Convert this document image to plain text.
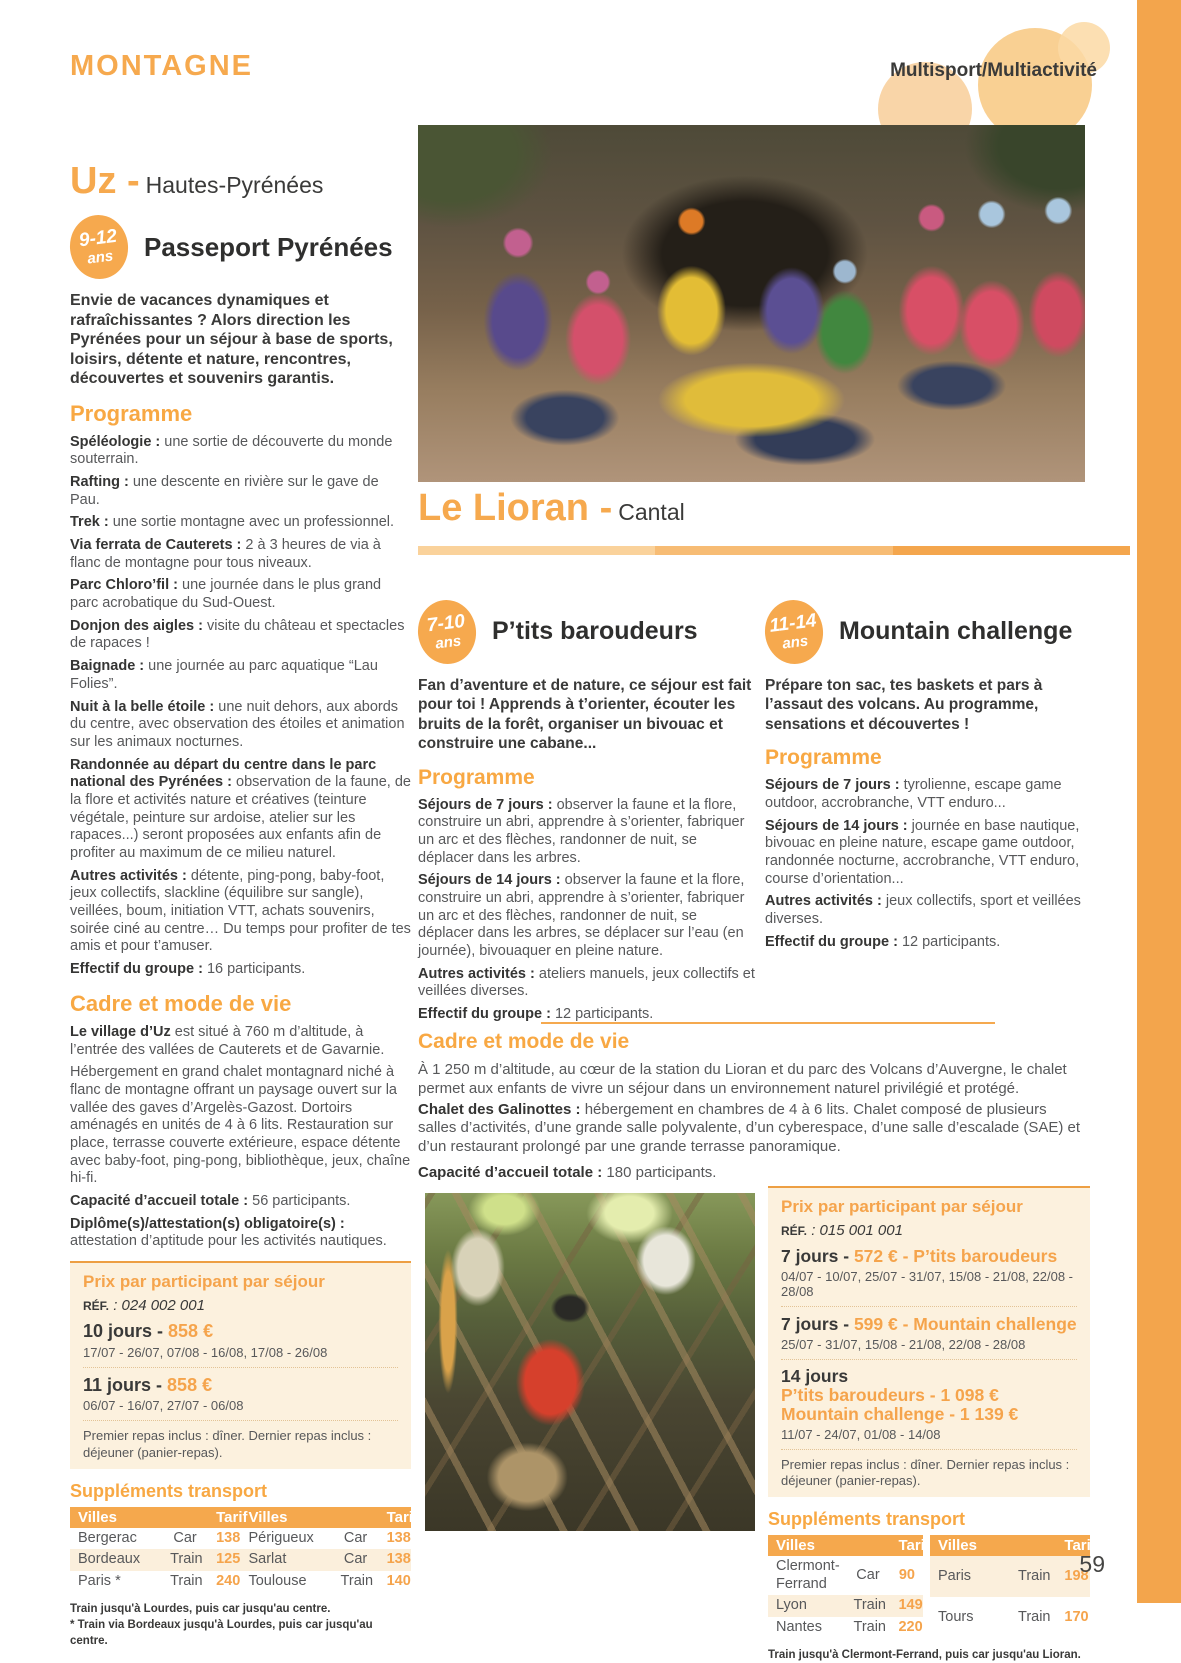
MONTAGNE	Multisport/Multiactivité
Uz - Hautes-Pyrénées
9-12
ans Passeport Pyrénées

Envie de vacances dynamiques et rafraîchissantes ? Alors direction les Pyrénées pour un séjour à base de sports, loisirs, détente et nature, rencontres, découvertes et souvenirs garantis.

Programme

Spéléologie : une sortie de découverte du monde souterrain.

Rafting : une descente en rivière sur le gave de Pau.

Trek : une sortie montagne avec un professionnel.

Via ferrata de Cauterets : 2 à 3 heures de via à flanc de montagne pour tous niveaux.

Parc Chloro’fil : une journée dans le plus grand parc acrobatique du Sud-Ouest.

Donjon des aigles : visite du château et spectacles de rapaces !

Baignade : une journée au parc aquatique “Lau Folies”.

Nuit à la belle étoile : une nuit dehors, aux abords du centre, avec observation des étoiles et animation sur les animaux nocturnes.

Randonnée au départ du centre dans le parc national des Pyrénées : observation de la faune, de la flore et activités nature et créatives (teinture végétale, peinture sur ardoise, atelier sur les rapaces...) seront proposées aux enfants afin de profiter au maximum de ce milieu naturel.

Autres activités : détente, ping-pong, baby-foot, jeux collectifs, slackline (équilibre sur sangle), veillées, boum, initiation VTT, achats souvenirs, soirée ciné au centre… Du temps pour profiter de tes amis et pour t’amuser.

Effectif du groupe : 16 participants.

Cadre et mode de vie

Le village d’Uz est situé à 760 m d’altitude, à l’entrée des vallées de Cauterets et de Gavarnie.

Hébergement en grand chalet montagnard niché à flanc de montagne offrant un paysage ouvert sur la vallée des gaves d’Argelès-Gazost. Dortoirs aménagés en unités de 4 à 6 lits. Restauration sur place, terrasse couverte extérieure, espace détente avec baby-foot, ping-pong, bibliothèque, jeux, chaîne hi-fi.

Capacité d’accueil totale : 56 participants.

Diplôme(s)/attestation(s) obligatoire(s) : attestation d’aptitude pour les activités nautiques.

Prix par participant par séjour
RÉF. : 024 002 001
10 jours - 858 €
17/07 - 26/07, 07/08 - 16/08, 17/08 - 26/08
11 jours - 858 €
06/07 - 16/07, 27/07 - 06/08
Premier repas inclus : dîner. Dernier repas inclus : déjeuner (panier-repas).
Suppléments transport
Villes		Tarif	Villes		Tarif
Bergerac	Car	138	Périgueux	Car	138
Bordeaux	Train	125	Sarlat	Car	138
Paris *	Train	240	Toulouse	Train	140
Train jusqu'à Lourdes, puis car jusqu'au centre.
* Train via Bordeaux jusqu'à Lourdes, puis car jusqu'au centre.
Le Lioran - Cantal
7-10
ans P’tits baroudeurs

Fan d’aventure et de nature, ce séjour est fait pour toi ! Apprends à t’orienter, écouter les bruits de la forêt, organiser un bivouac et construire une cabane...

Programme

Séjours de 7 jours : observer la faune et la flore, construire un abri, apprendre à s’orienter, fabriquer un arc et des flèches, randonner de nuit, se déplacer dans les arbres.

Séjours de 14 jours : observer la faune et la flore, construire un abri, apprendre à s’orienter, fabriquer un arc et des flèches, randonner de nuit, se déplacer dans les arbres, se déplacer sur l’eau (en journée), bivouaquer en pleine nature.

Autres activités : ateliers manuels, jeux collectifs et veillées diverses.

Effectif du groupe : 12 participants.

11-14
ans Mountain challenge

Prépare ton sac, tes baskets et pars à l’assaut des volcans. Au programme, sensations et découvertes !

Programme

Séjours de 7 jours : tyrolienne, escape game outdoor, accrobranche, VTT enduro...

Séjours de 14 jours : journée en base nautique, bivouac en pleine nature, escape game outdoor, randonnée nocturne, accrobranche, VTT enduro, course d’orientation...

Autres activités : jeux collectifs, sport et veillées diverses.

Effectif du groupe : 12 participants.

Cadre et mode de vie

À 1 250 m d’altitude, au cœur de la station du Lioran et du parc des Volcans d’Auvergne, le chalet permet aux enfants de vivre un séjour dans un environnement naturel privilégié et protégé.

Chalet des Galinottes : hébergement en chambres de 4 à 6 lits. Chalet composé de plusieurs salles d’activités, d’une grande salle polyvalente, d’un cyberespace, d’une salle d’escalade (SAE) et d’un restaurant prolongé par une grande terrasse panoramique.

Capacité d’accueil totale : 180 participants.

Prix par participant par séjour
RÉF. : 015 001 001
7 jours - 572 € - P’tits baroudeurs
04/07 - 10/07, 25/07 - 31/07, 15/08 - 21/08, 22/08 - 28/08
7 jours - 599 € - Mountain challenge
25/07 - 31/07, 15/08 - 21/08, 22/08 - 28/08
14 jours
P’tits baroudeurs - 1 098 €
Mountain challenge - 1 139 €
11/07 - 24/07, 01/08 - 14/08
Premier repas inclus : dîner. Dernier repas inclus : déjeuner (panier-repas).
Suppléments transport
Villes		Tarif
Clermont-Ferrand	Car	90
Lyon	Train	149
Nantes	Train	220
Villes		Tarif
Paris	Train	198
Tours	Train	170
Train jusqu'à Clermont-Ferrand, puis car jusqu'au Lioran.
59
